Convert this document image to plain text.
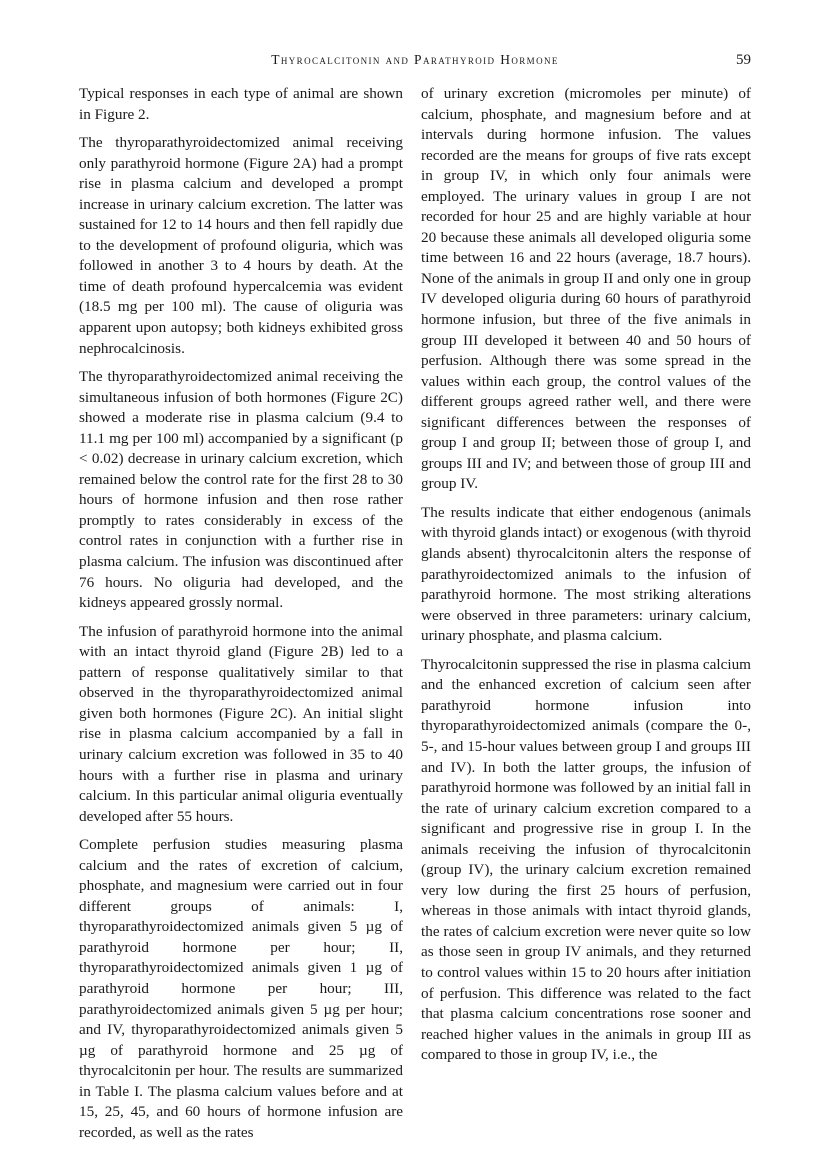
Thyrocalcitonin and Parathyroid Hormone	59

Typical responses in each type of animal are shown in Figure 2.

The thyroparathyroidectomized animal receiving only parathyroid hormone (Figure 2A) had a prompt rise in plasma calcium and developed a prompt increase in urinary calcium excretion. The latter was sustained for 12 to 14 hours and then fell rapidly due to the development of profound oliguria, which was followed in another 3 to 4 hours by death. At the time of death profound hypercalcemia was evident (18.5 mg per 100 ml). The cause of oliguria was apparent upon autopsy; both kidneys exhibited gross nephrocalcinosis.

The thyroparathyroidectomized animal receiving the simultaneous infusion of both hormones (Figure 2C) showed a moderate rise in plasma calcium (9.4 to 11.1 mg per 100 ml) accompanied by a significant (p < 0.02) decrease in urinary calcium excretion, which remained below the control rate for the first 28 to 30 hours of hormone infusion and then rose rather promptly to rates considerably in excess of the control rates in conjunction with a further rise in plasma calcium. The infusion was discontinued after 76 hours. No oliguria had developed, and the kidneys appeared grossly normal.

The infusion of parathyroid hormone into the animal with an intact thyroid gland (Figure 2B) led to a pattern of response qualitatively similar to that observed in the thyroparathyroidectomized animal given both hormones (Figure 2C). An initial slight rise in plasma calcium accompanied by a fall in urinary calcium excretion was followed in 35 to 40 hours with a further rise in plasma and urinary calcium. In this particular animal oliguria eventually developed after 55 hours.

Complete perfusion studies measuring plasma calcium and the rates of excretion of calcium, phosphate, and magnesium were carried out in four different groups of animals: I, thyroparathyroidectomized animals given 5 µg of parathyroid hormone per hour; II, thyroparathyroidectomized animals given 1 µg of parathyroid hormone per hour; III, parathyroidectomized animals given 5 µg per hour; and IV, thyroparathyroidectomized animals given 5 µg of parathyroid hormone and 25 µg of thyrocalcitonin per hour. The results are summarized in Table I. The plasma calcium values before and at 15, 25, 45, and 60 hours of hormone infusion are recorded, as well as the rates

of urinary excretion (micromoles per minute) of calcium, phosphate, and magnesium before and at intervals during hormone infusion. The values recorded are the means for groups of five rats except in group IV, in which only four animals were employed. The urinary values in group I are not recorded for hour 25 and are highly variable at hour 20 because these animals all developed oliguria some time between 16 and 22 hours (average, 18.7 hours). None of the animals in group II and only one in group IV developed oliguria during 60 hours of parathyroid hormone infusion, but three of the five animals in group III developed it between 40 and 50 hours of perfusion. Although there was some spread in the values within each group, the control values of the different groups agreed rather well, and there were significant differences between the responses of group I and group II; between those of group I, and groups III and IV; and between those of group III and group IV.

The results indicate that either endogenous (animals with thyroid glands intact) or exogenous (with thyroid glands absent) thyrocalcitonin alters the response of parathyroidectomized animals to the infusion of parathyroid hormone. The most striking alterations were observed in three parameters: urinary calcium, urinary phosphate, and plasma calcium.

Thyrocalcitonin suppressed the rise in plasma calcium and the enhanced excretion of calcium seen after parathyroid hormone infusion into thyroparathyroidectomized animals (compare the 0-, 5-, and 15-hour values between group I and groups III and IV). In both the latter groups, the infusion of parathyroid hormone was followed by an initial fall in the rate of urinary calcium excretion compared to a significant and progressive rise in group I. In the animals receiving the infusion of thyrocalcitonin (group IV), the urinary calcium excretion remained very low during the first 25 hours of perfusion, whereas in those animals with intact thyroid glands, the rates of calcium excretion were never quite so low as those seen in group IV animals, and they returned to control values within 15 to 20 hours after initiation of perfusion. This difference was related to the fact that plasma calcium concentrations rose sooner and reached higher values in the animals in group III as compared to those in group IV, i.e., the
